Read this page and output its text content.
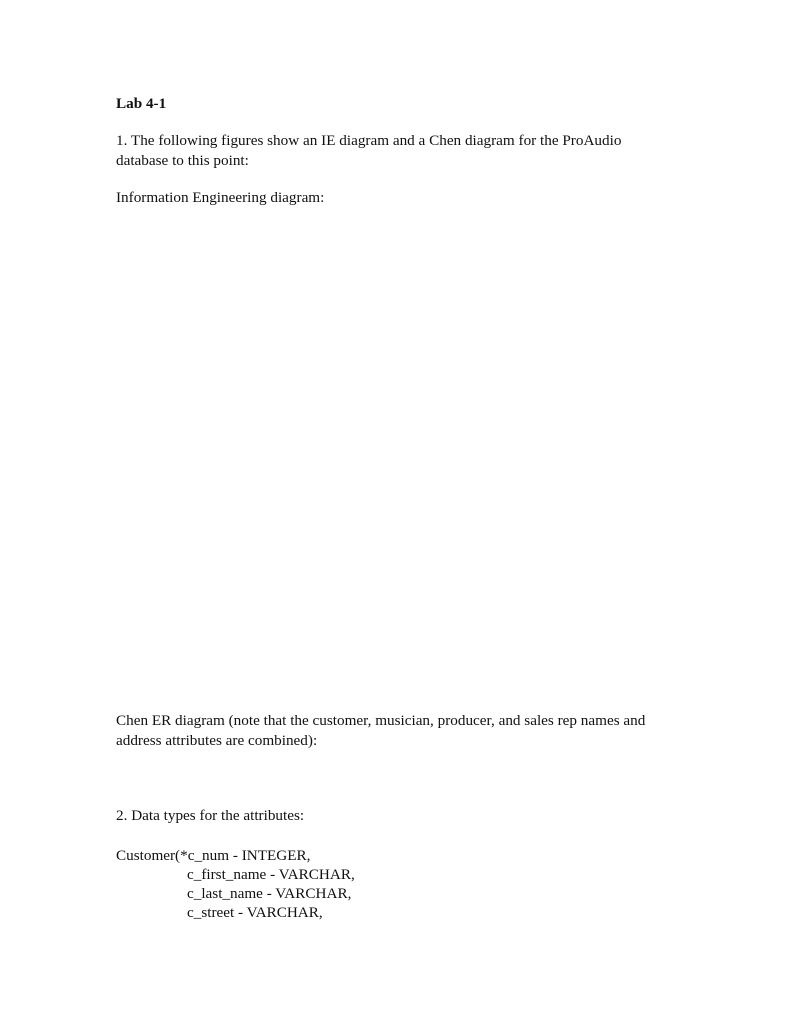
Lab 4-1
1. The following figures show an IE diagram and a Chen diagram for the ProAudio
database to this point:
Information Engineering diagram:
Chen ER diagram (note that the customer, musician, producer, and sales rep names and
address attributes are combined):
2. Data types for the attributes:
Customer(*c_num - INTEGER,
c_first_name - VARCHAR,
c_last_name - VARCHAR,
c_street - VARCHAR,
